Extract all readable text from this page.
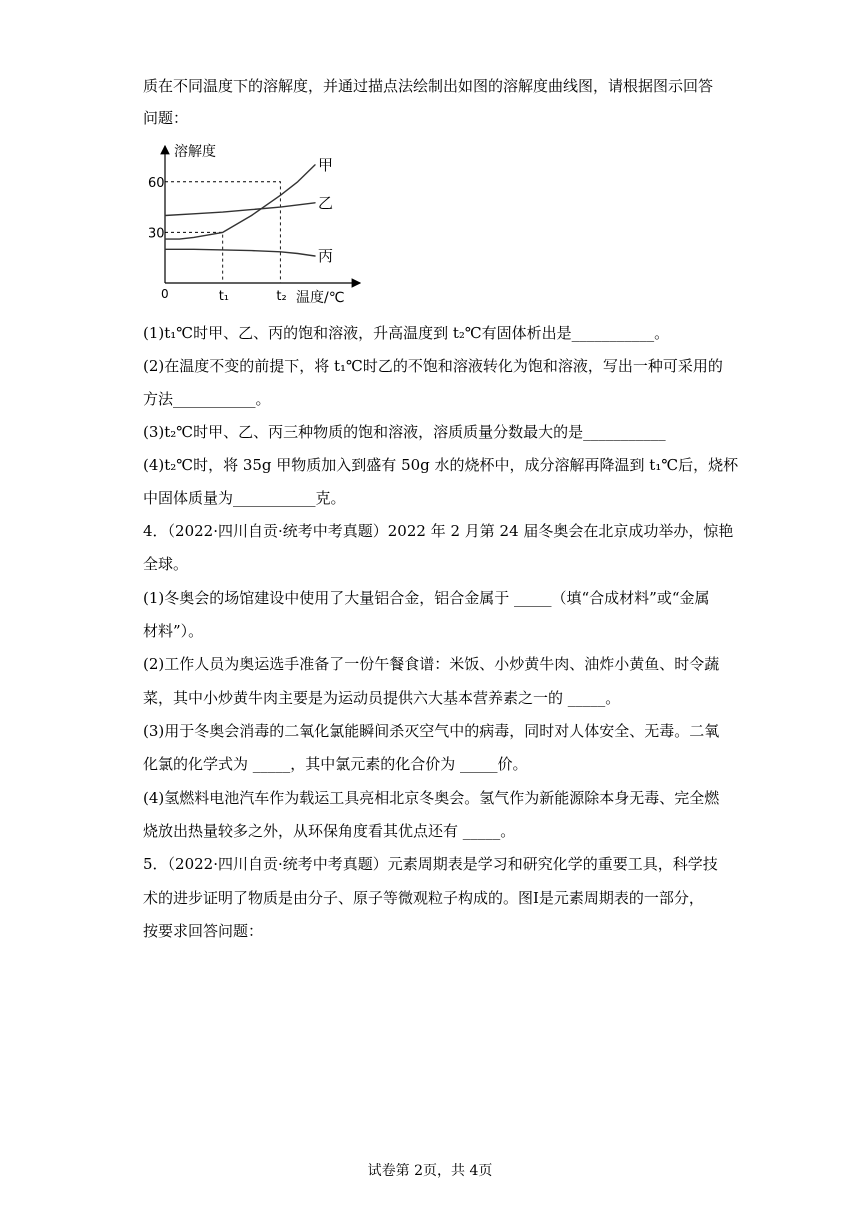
质在不同温度下的溶解度，并通过描点法绘制出如图的溶解度曲线图，请根据图示回答
问题：
溶解度
温度/℃
0
甲
乙
丙
60
30
t₁	t₂
(1)t₁℃时甲、乙、丙的饱和溶液，升高温度到 t₂℃有固体析出是___________。
(2)在温度不变的前提下，将 t₁℃时乙的不饱和溶液转化为饱和溶液，写出一种可采用的
方法___________。
(3)t₂℃时甲、乙、丙三种物质的饱和溶液，溶质质量分数最大的是___________
(4)t₂℃时，将 35g 甲物质加入到盛有 50g 水的烧杯中，成分溶解再降温到 t₁℃后，烧杯
中固体质量为___________克。
4．（2022·四川自贡·统考中考真题）2022 年 2 月第 24 届冬奥会在北京成功举办，惊艳
全球。
(1)冬奥会的场馆建设中使用了大量铝合金，铝合金属于 _____（填“合成材料”或“金属
材料”）。
(2)工作人员为奥运选手准备了一份午餐食谱：米饭、小炒黄牛肉、油炸小黄鱼、时令蔬
菜，其中小炒黄牛肉主要是为运动员提供六大基本营养素之一的 _____。
(3)用于冬奥会消毒的二氧化氯能瞬间杀灭空气中的病毒，同时对人体安全、无毒。二氧
化氯的化学式为 _____，其中氯元素的化合价为 _____价。
(4)氢燃料电池汽车作为载运工具亮相北京冬奥会。氢气作为新能源除本身无毒、完全燃
烧放出热量较多之外，从环保角度看其优点还有 _____。
5．（2022·四川自贡·统考中考真题）元素周期表是学习和研究化学的重要工具，科学技
术的进步证明了物质是由分子、原子等微观粒子构成的。图I是元素周期表的一部分，
按要求回答问题：
试卷第 2页，共 4页
